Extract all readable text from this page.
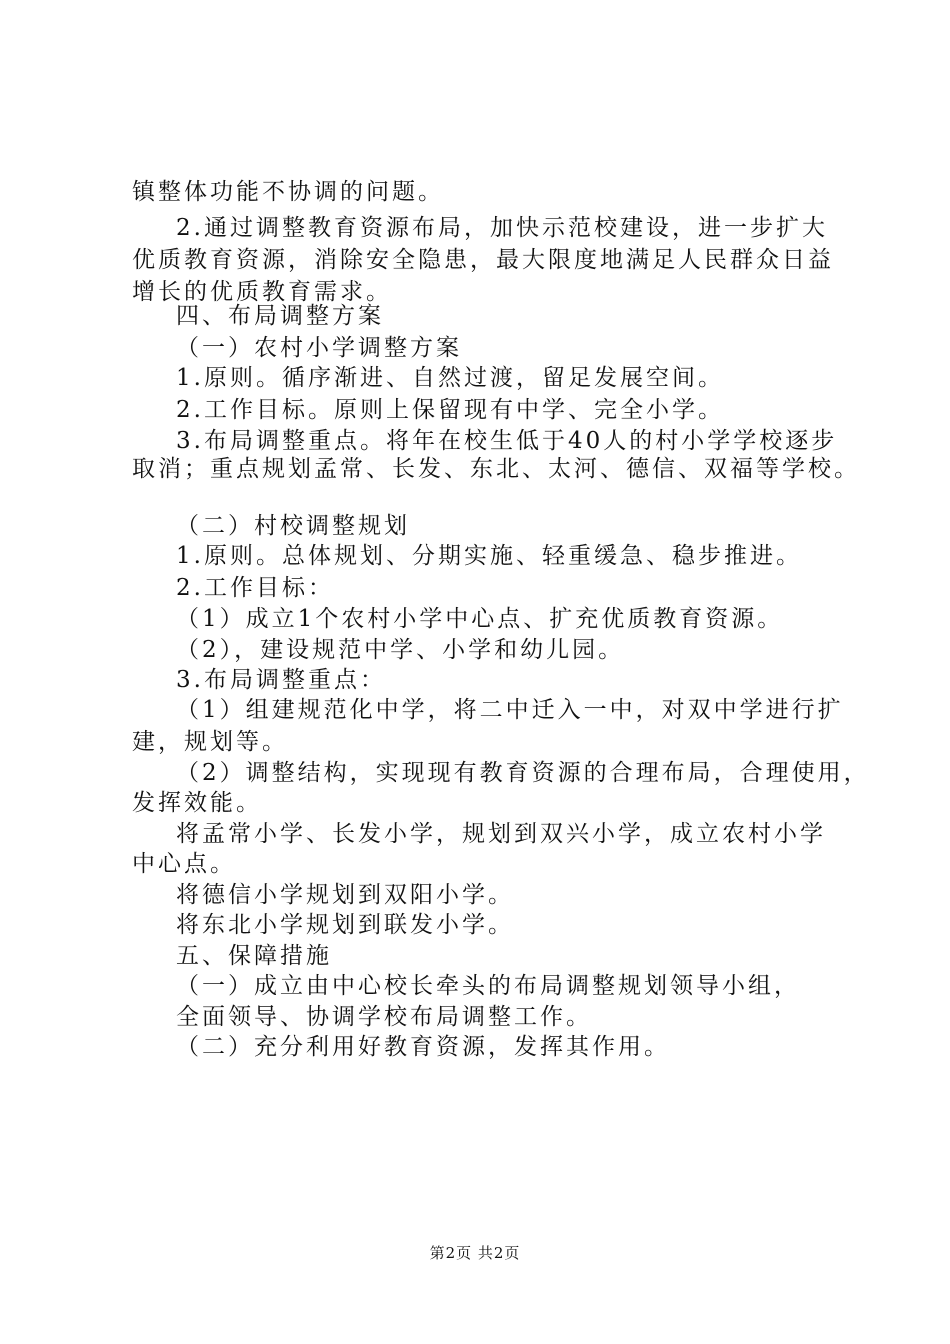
镇整体功能不协调的问题。
2.通过调整教育资源布局，加快示范校建设，进一步扩大
优质教育资源，消除安全隐患，最大限度地满足人民群众日益
增长的优质教育需求。
四、布局调整方案
（一）农村小学调整方案
1.原则。循序渐进、自然过渡，留足发展空间。
2.工作目标。原则上保留现有中学、完全小学。
3.布局调整重点。将年在校生低于40人的村小学学校逐步
取消；重点规划孟常、长发、东北、太河、德信、双福等学校。
（二）村校调整规划
1.原则。总体规划、分期实施、轻重缓急、稳步推进。
2.工作目标：
（1）成立1个农村小学中心点、扩充优质教育资源。
（2），建设规范中学、小学和幼儿园。
3.布局调整重点：
（1）组建规范化中学，将二中迁入一中，对双中学进行扩
建，规划等。
（2）调整结构，实现现有教育资源的合理布局，合理使用，
发挥效能。
将孟常小学、长发小学，规划到双兴小学，成立农村小学
中心点。
将德信小学规划到双阳小学。
将东北小学规划到联发小学。
五、保障措施
（一）成立由中心校长牵头的布局调整规划领导小组，
全面领导、协调学校布局调整工作。
（二）充分利用好教育资源，发挥其作用。
第2页 共2页
